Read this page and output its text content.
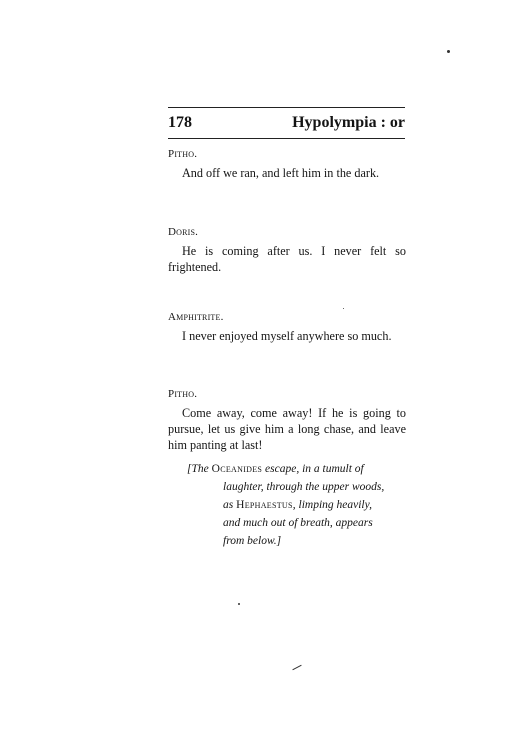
178	Hypolympia : or
Pitho.
And off we ran, and left him in the dark.
Doris.
He is coming after us. I never felt so frightened.
Amphitrite.
I never enjoyed myself anywhere so much.
Pitho.
Come away, come away! If he is going to pursue, let us give him a long chase, and leave him panting at last!
[The Oceanides escape, in a tumult of
laughter, through the upper woods,
as Hephaestus, limping heavily,
and much out of breath, appears
from below.]
